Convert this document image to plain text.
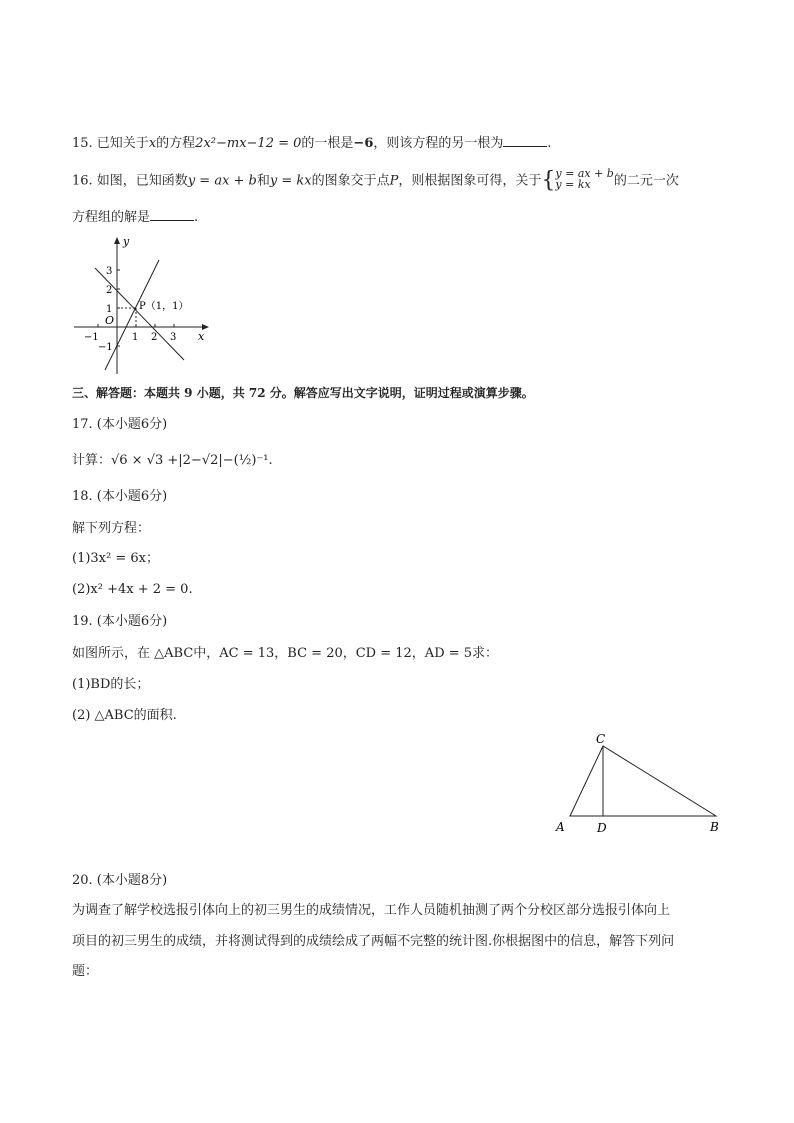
15. 已知关于x的方程2x²−mx−12 = 0的一根是−6，则该方程的另一根为	.
16. 如图，已知函数y = ax + b和y = kx的图象交于点P，则根据图象可得，关于{y = ax + b
y = kx 的二元一次
方程组的解是	.
y
x
O
−1	1 2 3
3
2
1
−1
P（1，1）
三、解答题：本题共 9 小题，共 72 分。解答应写出文字说明，证明过程或演算步骤。
17. (本小题6分)
计算：√6 × √3 +|2−√2|−(½)⁻¹.
18. (本小题6分)
解下列方程：
(1)3x² = 6x；
(2)x² +4x + 2 = 0.
19. (本小题6分)
如图所示，在 △ABC中，AC = 13，BC = 20，CD = 12，AD = 5求：
(1)BD的长；
(2) △ABC的面积.
C
A	D	B
20. (本小题8分)
为调查了解学校选报引体向上的初三男生的成绩情况，工作人员随机抽测了两个分校区部分选报引体向上
项目的初三男生的成绩，并将测试得到的成绩绘成了两幅不完整的统计图.你根据图中的信息，解答下列问
题：
